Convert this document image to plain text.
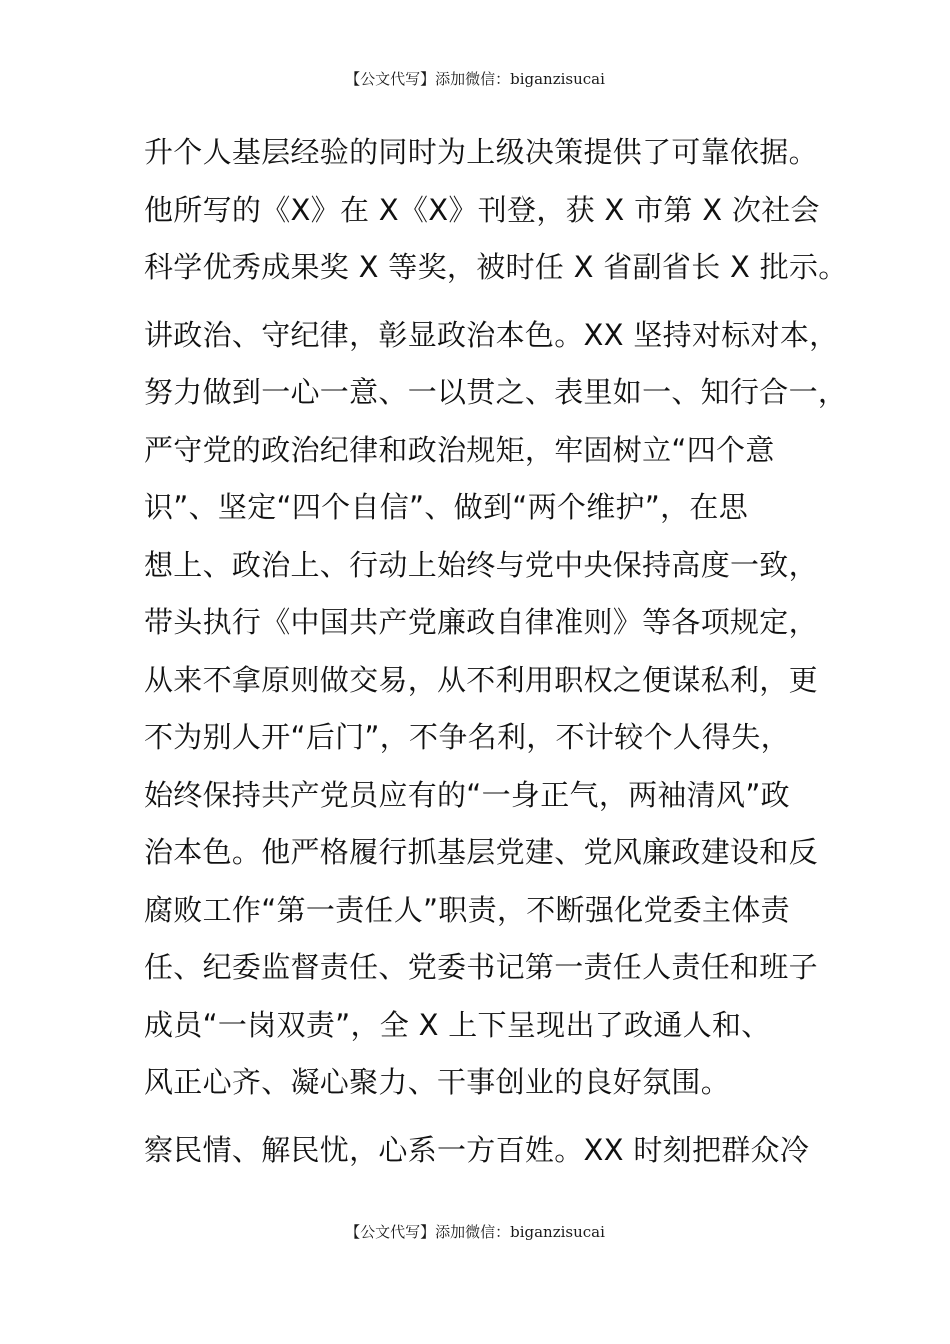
【公文代写】添加微信：biganzisucai

升个人基层经验的同时为上级决策提供了可靠依据。
他所写的《X》在 X《X》刊登，获 X 市第 X 次社会
科学优秀成果奖 X 等奖，被时任 X 省副省长 X 批示。

讲政治、守纪律，彰显政治本色。XX 坚持对标对本，
努力做到一心一意、一以贯之、表里如一、知行合一，
严守党的政治纪律和政治规矩，牢固树立“四个意
识”、坚定“四个自信”、做到“两个维护”，在思
想上、政治上、行动上始终与党中央保持高度一致，
带头执行《中国共产党廉政自律准则》等各项规定，
从来不拿原则做交易，从不利用职权之便谋私利，更
不为别人开“后门”，不争名利，不计较个人得失，
始终保持共产党员应有的“一身正气，两袖清风”政
治本色。他严格履行抓基层党建、党风廉政建设和反
腐败工作“第一责任人”职责，不断强化党委主体责
任、纪委监督责任、党委书记第一责任人责任和班子
成员“一岗双责”，全 X 上下呈现出了政通人和、
风正心齐、凝心聚力、干事创业的良好氛围。

察民情、解民忧，心系一方百姓。XX 时刻把群众冷

【公文代写】添加微信：biganzisucai
